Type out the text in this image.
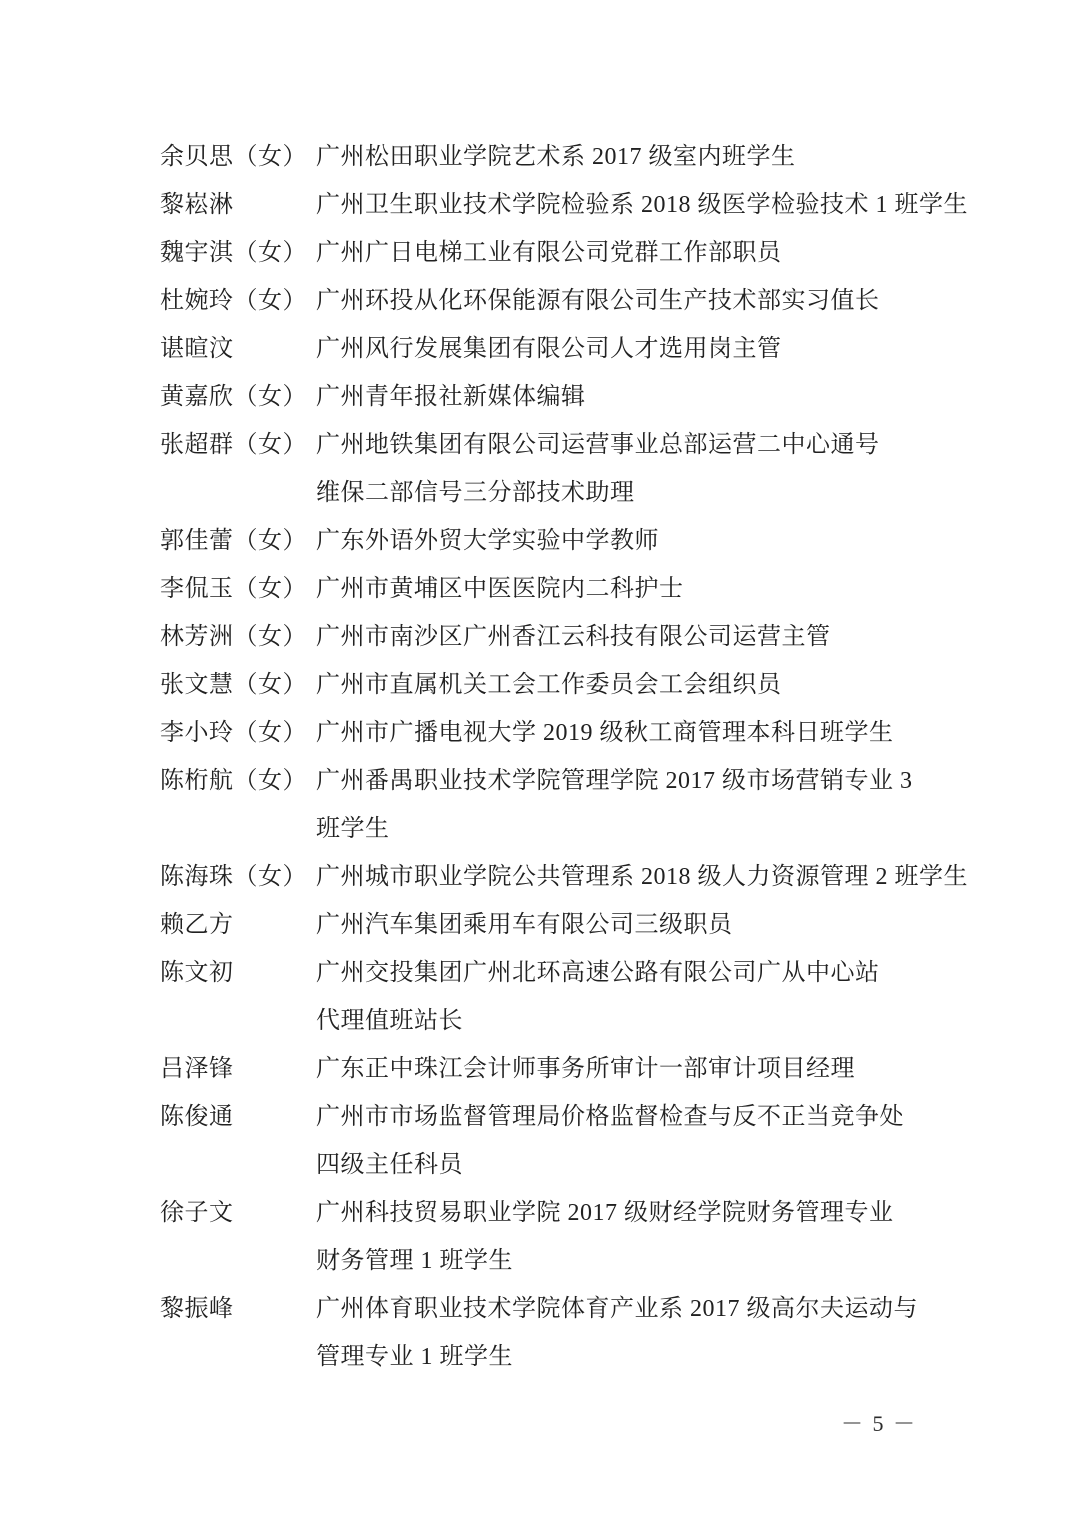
余贝思（女） 广州松田职业学院艺术系 2017 级室内班学生
黎崧淋	广州卫生职业技术学院检验系 2018 级医学检验技术 1 班学生
魏宇淇（女） 广州广日电梯工业有限公司党群工作部职员
杜婉玲（女） 广州环投从化环保能源有限公司生产技术部实习值长
谌暄汶	广州风行发展集团有限公司人才选用岗主管
黄嘉欣（女） 广州青年报社新媒体编辑
张超群（女） 广州地铁集团有限公司运营事业总部运营二中心通号
维保二部信号三分部技术助理
郭佳蕾（女） 广东外语外贸大学实验中学教师
李侃玉（女） 广州市黄埔区中医医院内二科护士
林芳洲（女） 广州市南沙区广州香江云科技有限公司运营主管
张文慧（女） 广州市直属机关工会工作委员会工会组织员
李小玲（女） 广州市广播电视大学 2019 级秋工商管理本科日班学生
陈桁航（女） 广州番禺职业技术学院管理学院 2017 级市场营销专业 3
班学生
陈海珠（女） 广州城市职业学院公共管理系 2018 级人力资源管理 2 班学生
赖乙方	广州汽车集团乘用车有限公司三级职员
陈文初	广州交投集团广州北环高速公路有限公司广从中心站
代理值班站长
吕泽锋	广东正中珠江会计师事务所审计一部审计项目经理
陈俊通	广州市市场监督管理局价格监督检查与反不正当竞争处
四级主任科员
徐子文	广州科技贸易职业学院 2017 级财经学院财务管理专业
财务管理 1 班学生
黎振峰	广州体育职业技术学院体育产业系 2017 级高尔夫运动与
管理专业 1 班学生
－ 5 －
